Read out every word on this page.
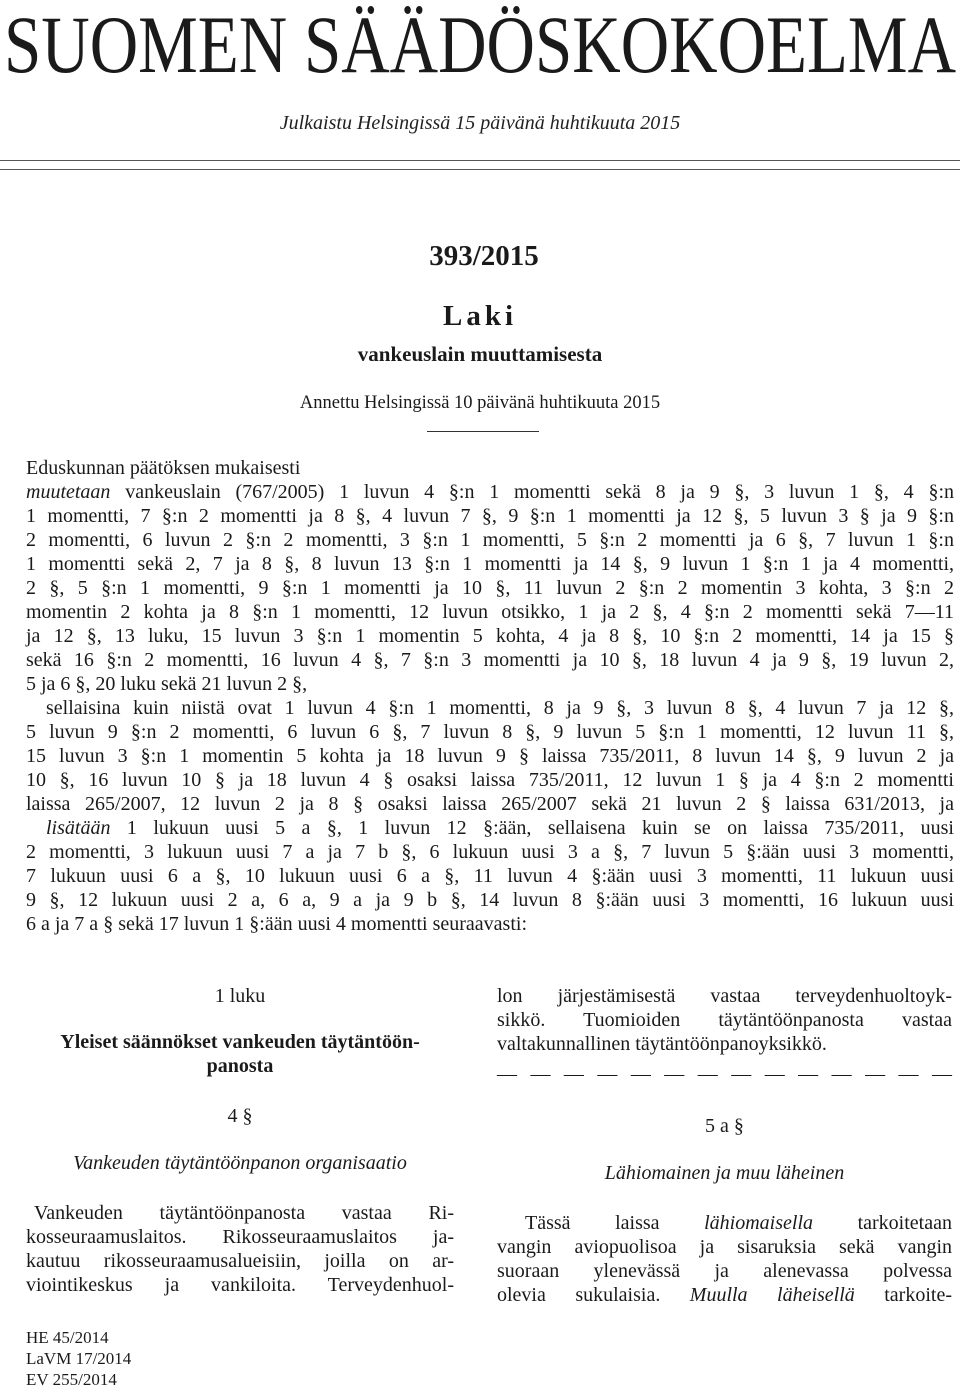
SUOMEN SÄÄDÖSKOKOELMA
Julkaistu Helsingissä 15 päivänä huhtikuuta 2015
393/2015
Laki
vankeuslain muuttamisesta
Annettu Helsingissä 10 päivänä huhtikuuta 2015
Eduskunnan päätöksen mukaisesti
muutetaan vankeuslain (767/2005) 1 luvun 4 §:n 1 momentti sekä 8 ja 9 §, 3 luvun 1 §, 4 §:n
1 momentti, 7 §:n 2 momentti ja 8 §, 4 luvun 7 §, 9 §:n 1 momentti ja 12 §, 5 luvun 3 § ja 9 §:n
2 momentti, 6 luvun 2 §:n 2 momentti, 3 §:n 1 momentti, 5 §:n 2 momentti ja 6 §, 7 luvun 1 §:n
1 momentti sekä 2, 7 ja 8 §, 8 luvun 13 §:n 1 momentti ja 14 §, 9 luvun 1 §:n 1 ja 4 momentti,
2 §, 5 §:n 1 momentti, 9 §:n 1 momentti ja 10 §, 11 luvun 2 §:n 2 momentin 3 kohta, 3 §:n 2
momentin 2 kohta ja 8 §:n 1 momentti, 12 luvun otsikko, 1 ja 2 §, 4 §:n 2 momentti sekä 7—11
ja 12 §, 13 luku, 15 luvun 3 §:n 1 momentin 5 kohta, 4 ja 8 §, 10 §:n 2 momentti, 14 ja 15 §
sekä 16 §:n 2 momentti, 16 luvun 4 §, 7 §:n 3 momentti ja 10 §, 18 luvun 4 ja 9 §, 19 luvun 2,
5 ja 6 §, 20 luku sekä 21 luvun 2 §,
sellaisina kuin niistä ovat 1 luvun 4 §:n 1 momentti, 8 ja 9 §, 3 luvun 8 §, 4 luvun 7 ja 12 §,
5 luvun 9 §:n 2 momentti, 6 luvun 6 §, 7 luvun 8 §, 9 luvun 5 §:n 1 momentti, 12 luvun 11 §,
15 luvun 3 §:n 1 momentin 5 kohta ja 18 luvun 9 § laissa 735/2011, 8 luvun 14 §, 9 luvun 2 ja
10 §, 16 luvun 10 § ja 18 luvun 4 § osaksi laissa 735/2011, 12 luvun 1 § ja 4 §:n 2 momentti
laissa 265/2007, 12 luvun 2 ja 8 § osaksi laissa 265/2007 sekä 21 luvun 2 § laissa 631/2013, ja
lisätään 1 lukuun uusi 5 a §, 1 luvun 12 §:ään, sellaisena kuin se on laissa 735/2011, uusi
2 momentti, 3 lukuun uusi 7 a ja 7 b §, 6 lukuun uusi 3 a §, 7 luvun 5 §:ään uusi 3 momentti,
7 lukuun uusi 6 a §, 10 lukuun uusi 6 a §, 11 luvun 4 §:ään uusi 3 momentti, 11 lukuun uusi
9 §, 12 lukuun uusi 2 a, 6 a, 9 a ja 9 b §, 14 luvun 8 §:ään uusi 3 momentti, 16 lukuun uusi
6 a ja 7 a § sekä 17 luvun 1 §:ään uusi 4 momentti seuraavasti:
1 luku
Yleiset säännökset vankeuden täytäntöön-
panosta
4 §
Vankeuden täytäntöönpanon organisaatio
Vankeuden täytäntöönpanosta vastaa Ri-
kosseuraamuslaitos. Rikosseuraamuslaitos ja-
kautuu rikosseuraamusalueisiin, joilla on ar-
viointikeskus ja vankiloita. Terveydenhuol-
lon järjestämisestä vastaa terveydenhuoltoyk-
sikkö. Tuomioiden täytäntöönpanosta vastaa
valtakunnallinen täytäntöönpanoyksikkö.
— — — — — — — — — — — — — —
5 a §
Lähiomainen ja muu läheinen
Tässä laissa lähiomaisella tarkoitetaan
vangin aviopuolisoa ja sisaruksia sekä vangin
suoraan ylenevässä ja alenevassa polvessa
olevia sukulaisia. Muulla läheisellä tarkoite-
HE 45/2014
LaVM 17/2014
EV 255/2014
